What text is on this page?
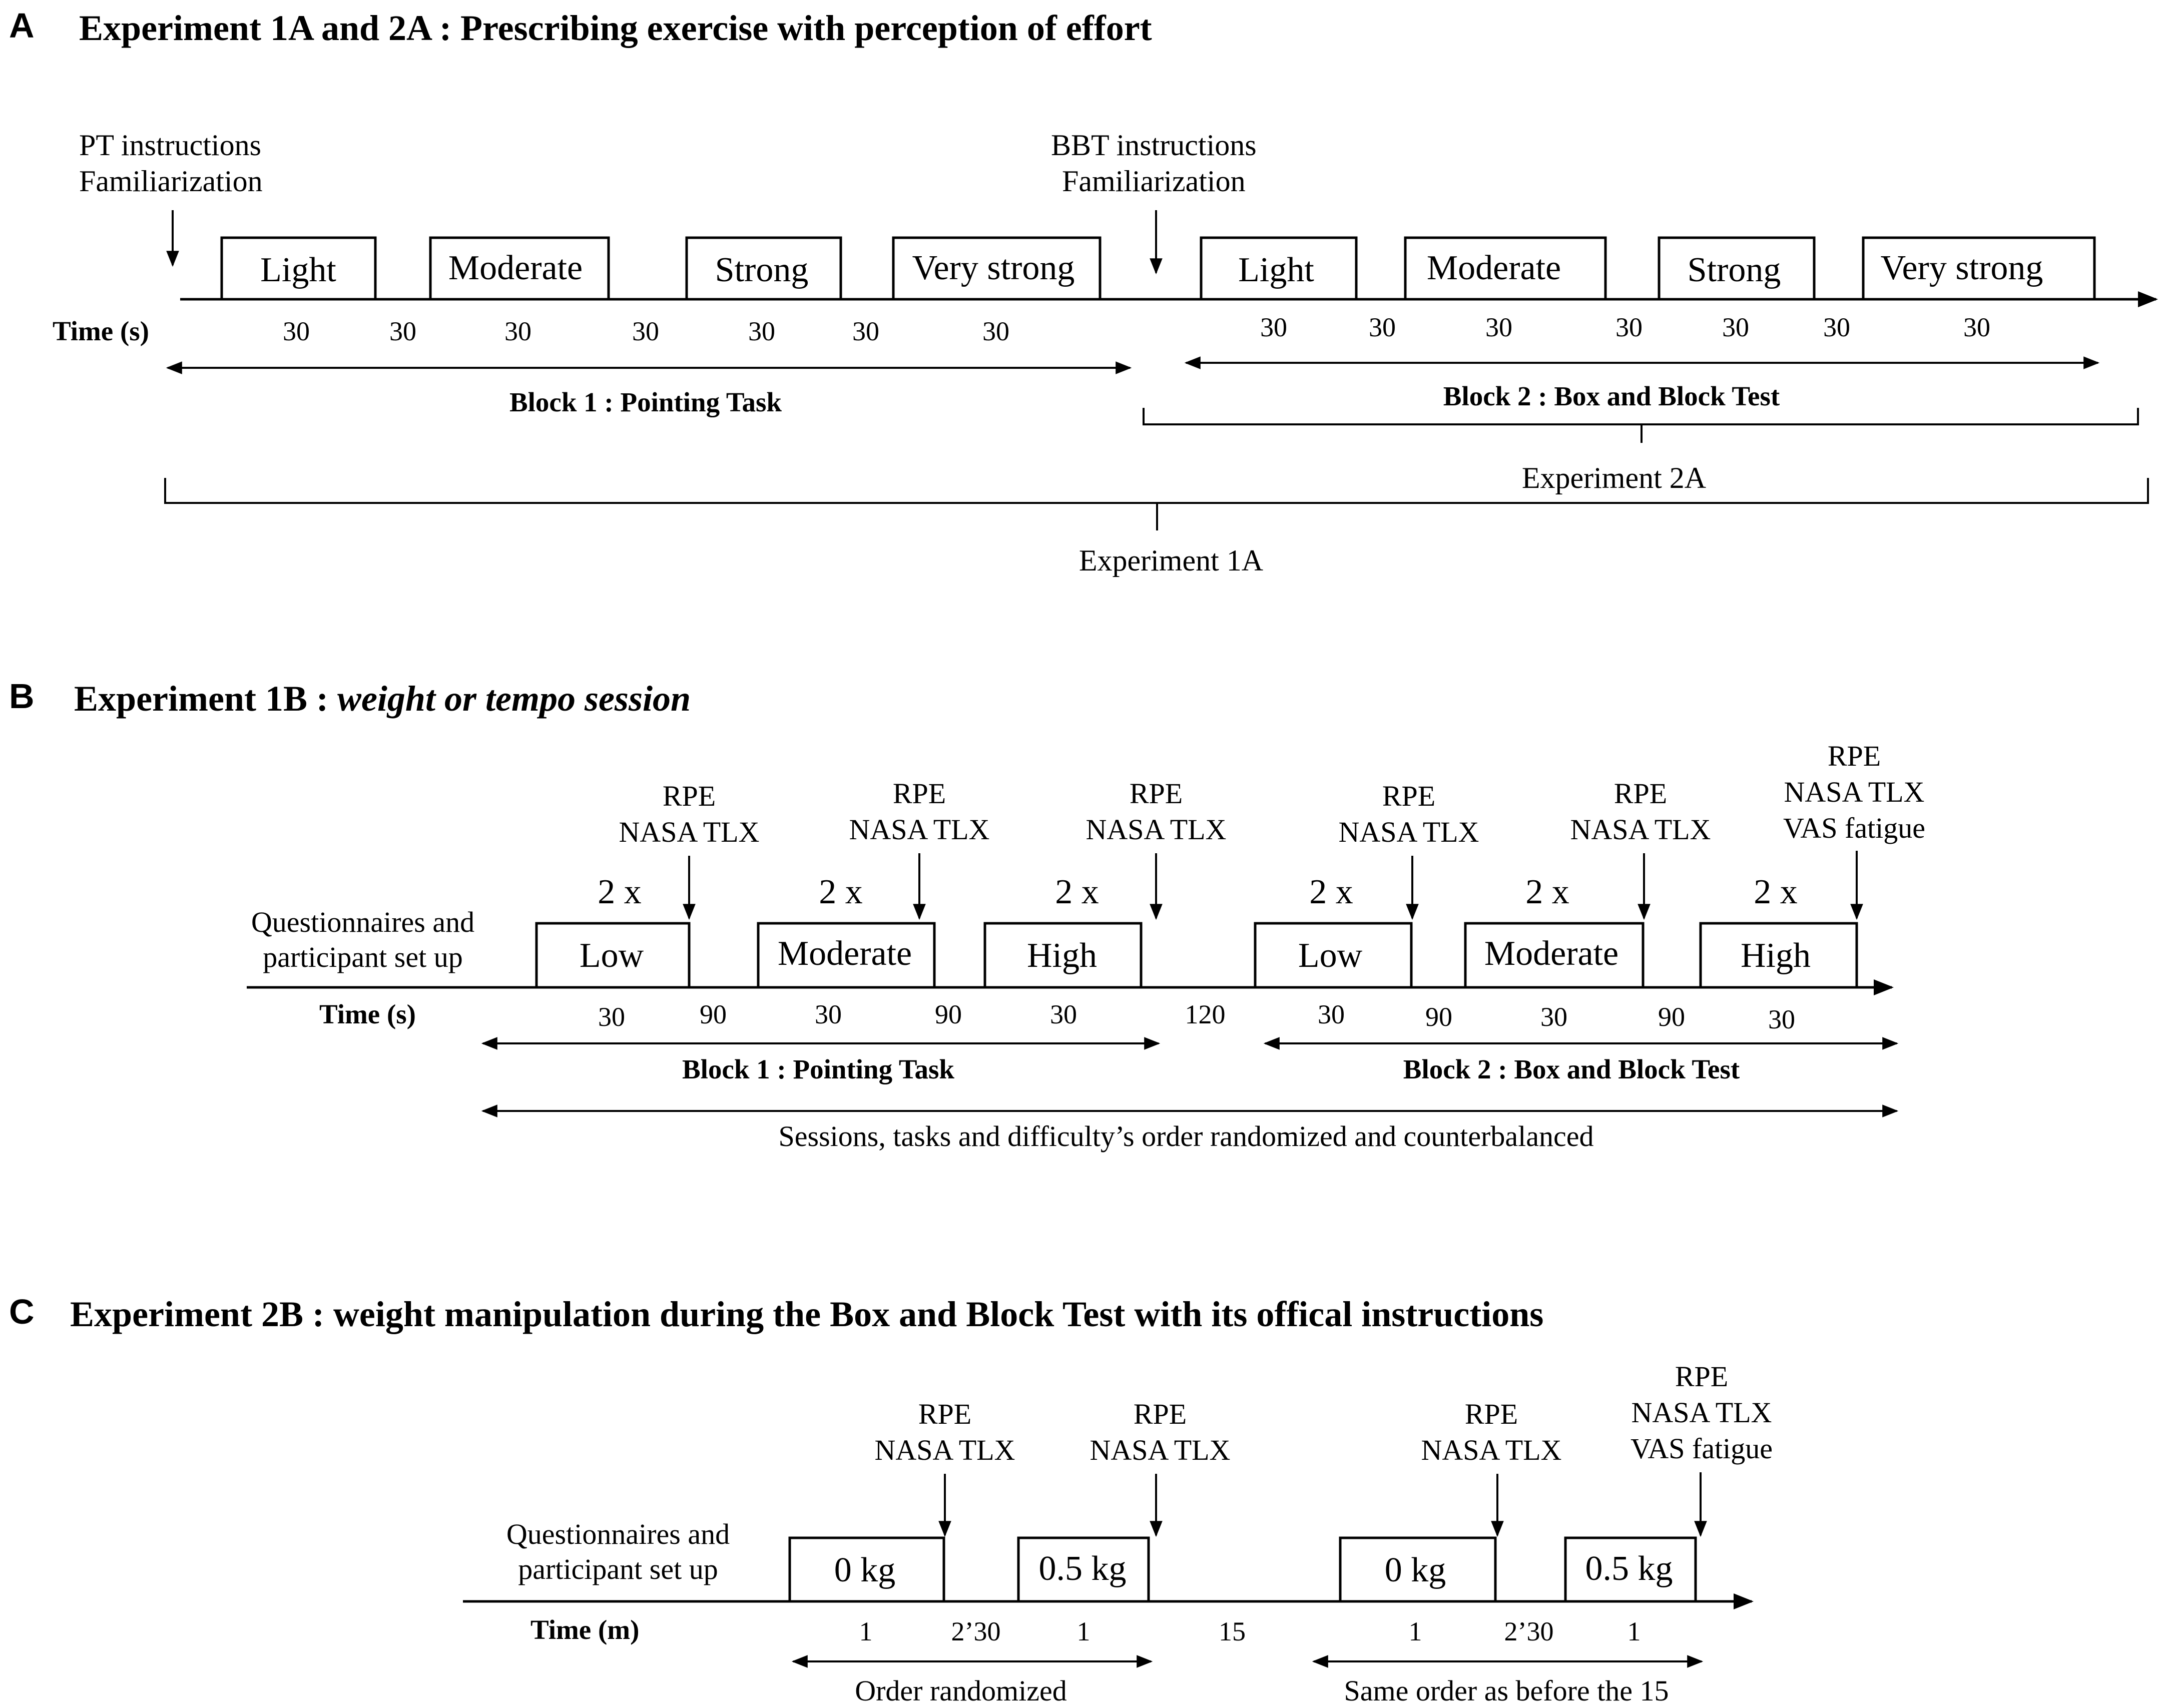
A Experiment 1A and 2A : Prescribing exercise with perception of effort
PT instructions
Familiarization
BBT instructions
Familiarization
Light	Moderate	Strong	Very strong	Light	Moderate	Strong	Very strong
Time (s)	30	30	30	30	30	30	30	30	30	30	30	30	30	30
Block 1 : Pointing Task	Block 2 : Box and Block Test
Experiment 2A
Experiment 1A
B Experiment 1B : weight or tempo session
Questionnaires and
participant set up	Low	Moderate	High	Low	Moderate	High
2 x	2 x	2 x	2 x	2 x	2 x
RPE
NASA TLX
RPE
NASA TLX
RPE
NASA TLX
RPE
NASA TLX
RPE
NASA TLX
RPE
NASA TLX
VAS fatigue
Time (s)	30	90	30	90	30	120	30	90	30	90	30
Block 1 : Pointing Task	Block 2 : Box and Block Test
Sessions, tasks and difficulty’s order randomized and counterbalanced
C Experiment 2B : weight manipulation during the Box and Block Test with its offical instructions
Questionnaires and
participant set up	0 kg	0.5 kg	0 kg	0.5 kg
RPE
NASA TLX
RPE
NASA TLX
RPE
NASA TLX
RPE
NASA TLX
VAS fatigue
Time (m)	1	2’30	1	15	1	2’30	1
Order randomized	Same order as before the 15
